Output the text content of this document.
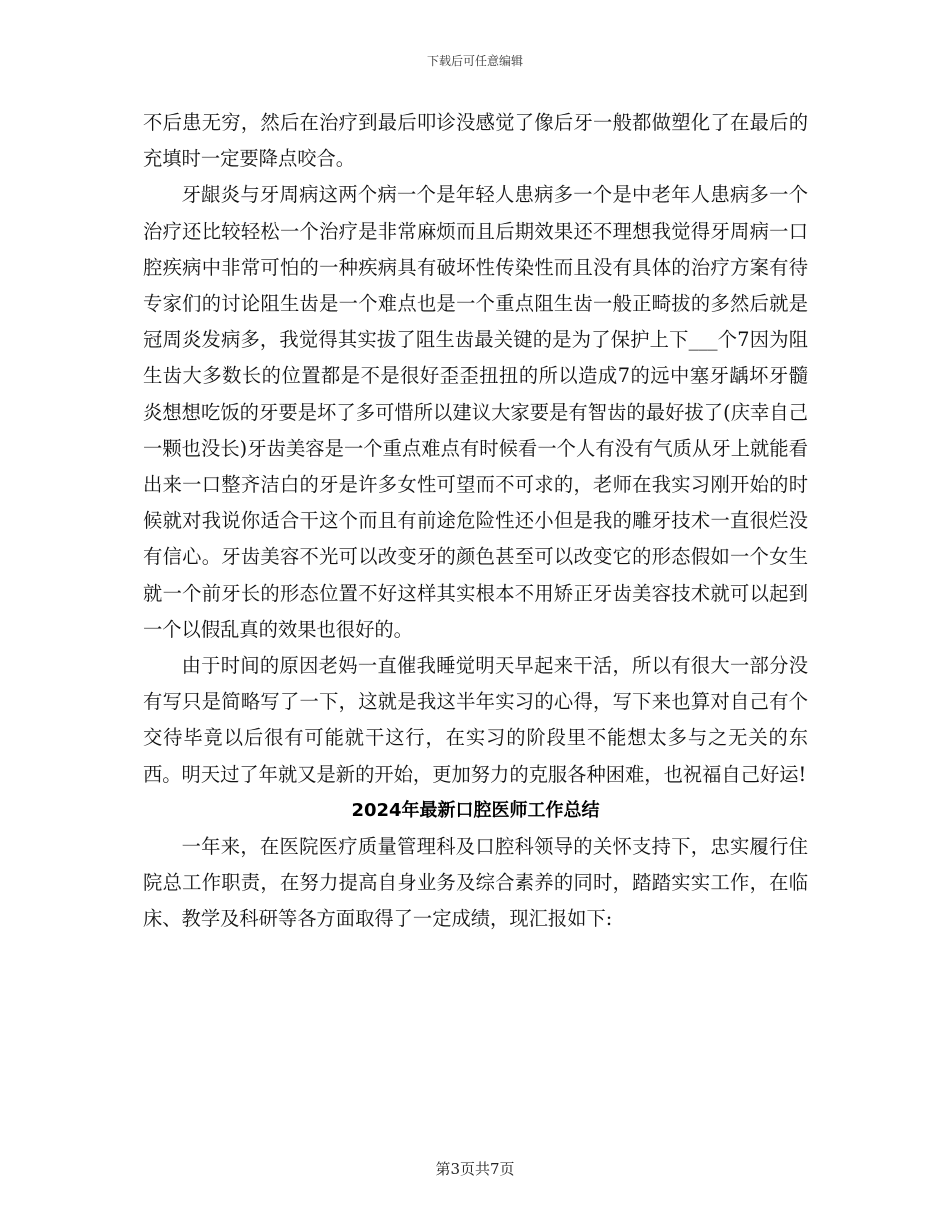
下载后可任意编辑

不后患无穷，然后在治疗到最后叩诊没感觉了像后牙一般都做塑化了在最后的充填时一定要降点咬合。

牙龈炎与牙周病这两个病一个是年轻人患病多一个是中老年人患病多一个治疗还比较轻松一个治疗是非常麻烦而且后期效果还不理想我觉得牙周病一口腔疾病中非常可怕的一种疾病具有破坏性传染性而且没有具体的治疗方案有待专家们的讨论阻生齿是一个难点也是一个重点阻生齿一般正畸拔的多然后就是冠周炎发病多，我觉得其实拔了阻生齿最关键的是为了保护上下___个7因为阻生齿大多数长的位置都是不是很好歪歪扭扭的所以造成7的远中塞牙龋坏牙髓炎想想吃饭的牙要是坏了多可惜所以建议大家要是有智齿的最好拔了(庆幸自己一颗也没长)牙齿美容是一个重点难点有时候看一个人有没有气质从牙上就能看出来一口整齐洁白的牙是许多女性可望而不可求的，老师在我实习刚开始的时候就对我说你适合干这个而且有前途危险性还小但是我的雕牙技术一直很烂没有信心。牙齿美容不光可以改变牙的颜色甚至可以改变它的形态假如一个女生就一个前牙长的形态位置不好这样其实根本不用矫正牙齿美容技术就可以起到一个以假乱真的效果也很好的。

由于时间的原因老妈一直催我睡觉明天早起来干活，所以有很大一部分没有写只是简略写了一下，这就是我这半年实习的心得，写下来也算对自己有个交待毕竟以后很有可能就干这行，在实习的阶段里不能想太多与之无关的东西。明天过了年就又是新的开始，更加努力的克服各种困难，也祝福自己好运!

2024年最新口腔医师工作总结

一年来，在医院医疗质量管理科及口腔科领导的关怀支持下，忠实履行住院总工作职责，在努力提高自身业务及综合素养的同时，踏踏实实工作，在临床、教学及科研等各方面取得了一定成绩，现汇报如下:

第3页共7页
